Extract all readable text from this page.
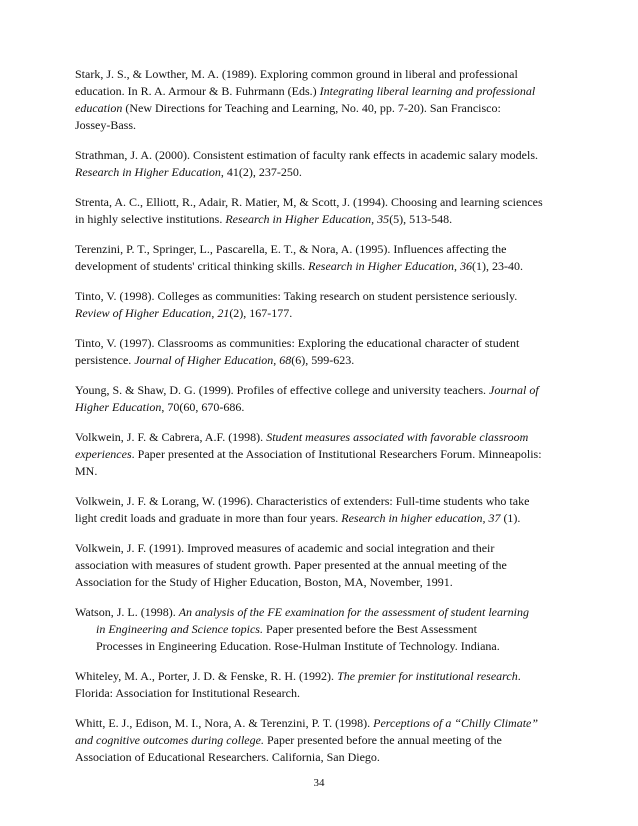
Stark, J. S., & Lowther, M. A. (1989). Exploring common ground in liberal and professional
education. In R. A. Armour & B. Fuhrmann (Eds.) Integrating liberal learning and professional
education (New Directions for Teaching and Learning, No. 40, pp. 7-20). San Francisco:
Jossey-Bass.
Strathman, J. A. (2000). Consistent estimation of faculty rank effects in academic salary models.
Research in Higher Education, 41(2), 237-250.
Strenta, A. C., Elliott, R., Adair, R. Matier, M, & Scott, J. (1994). Choosing and learning sciences
in highly selective institutions. Research in Higher Education, 35(5), 513-548.
Terenzini, P. T., Springer, L., Pascarella, E. T., & Nora, A. (1995). Influences affecting the
development of students' critical thinking skills. Research in Higher Education, 36(1), 23-40.
Tinto, V. (1998). Colleges as communities: Taking research on student persistence seriously.
Review of Higher Education, 21(2), 167-177.
Tinto, V. (1997). Classrooms as communities: Exploring the educational character of student
persistence. Journal of Higher Education, 68(6), 599-623.
Young, S. & Shaw, D. G. (1999). Profiles of effective college and university teachers. Journal of
Higher Education, 70(60, 670-686.
Volkwein, J. F. & Cabrera, A.F. (1998). Student measures associated with favorable classroom
experiences. Paper presented at the Association of Institutional Researchers Forum. Minneapolis:
MN.
Volkwein, J. F. & Lorang, W. (1996). Characteristics of extenders: Full-time students who take
light credit loads and graduate in more than four years. Research in higher education, 37 (1).
Volkwein, J. F. (1991). Improved measures of academic and social integration and their
association with measures of student growth. Paper presented at the annual meeting of the
Association for the Study of Higher Education, Boston, MA, November, 1991.
Watson, J. L. (1998). An analysis of the FE examination for the assessment of student learning
in Engineering and Science topics. Paper presented before the Best Assessment
Processes in Engineering Education. Rose-Hulman Institute of Technology. Indiana.
Whiteley, M. A., Porter, J. D. & Fenske, R. H. (1992). The premier for institutional research.
Florida: Association for Institutional Research.
Whitt, E. J., Edison, M. I., Nora, A. & Terenzini, P. T. (1998). Perceptions of a “Chilly Climate”
and cognitive outcomes during college. Paper presented before the annual meeting of the
Association of Educational Researchers. California, San Diego.
34
